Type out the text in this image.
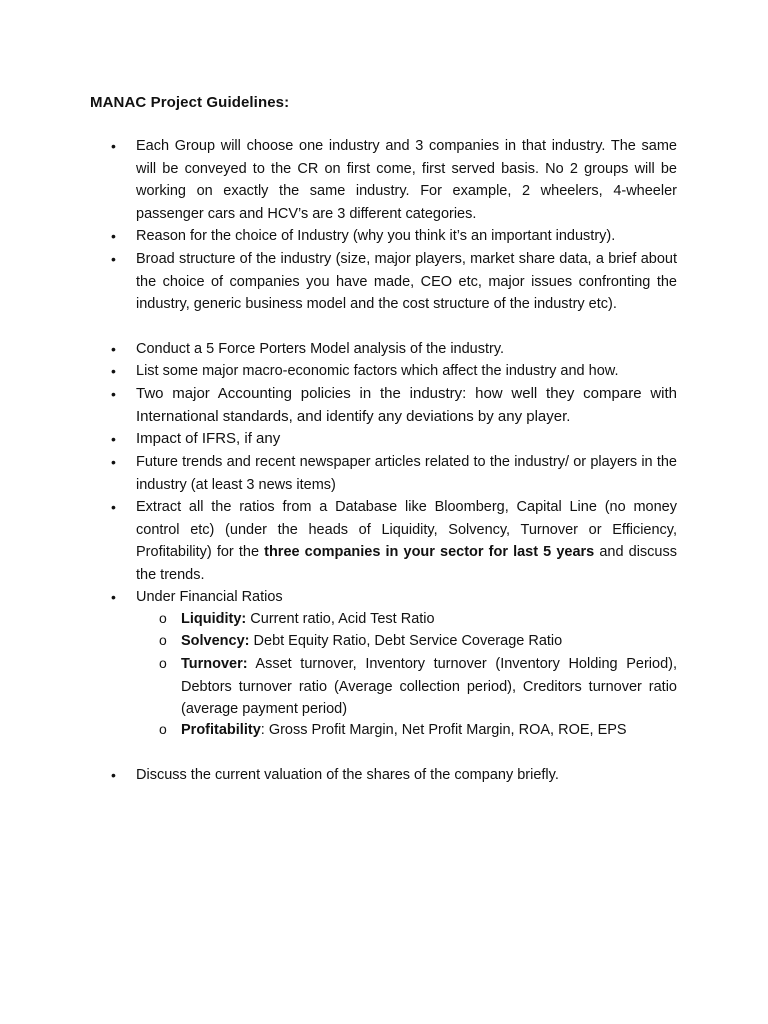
MANAC Project Guidelines:
• Each Group will choose one industry and 3 companies in that industry. The same will be conveyed to the CR on first come, first served basis. No 2 groups will be working on exactly the same industry. For example, 2 wheelers, 4-wheeler passenger cars and HCV’s are 3 different categories.
• Reason for the choice of Industry (why you think it’s an important industry).
• Broad structure of the industry (size, major players, market share data, a brief about the choice of companies you have made, CEO etc, major issues confronting the industry, generic business model and the cost structure of the industry etc).
• Conduct a 5 Force Porters Model analysis of the industry.
• List some major macro-economic factors which affect the industry and how.
• Two major Accounting policies in the industry: how well they compare with International standards, and identify any deviations by any player.
• Impact of IFRS, if any
• Future trends and recent newspaper articles related to the industry/ or players in the industry (at least 3 news items)
• Extract all the ratios from a Database like Bloomberg, Capital Line (no money control etc) (under the heads of Liquidity, Solvency, Turnover or Efficiency, Profitability) for the three companies in your sector for last 5 years and discuss the trends.
• Under Financial Ratios
o Liquidity: Current ratio, Acid Test Ratio
o Solvency: Debt Equity Ratio, Debt Service Coverage Ratio
o Turnover: Asset turnover, Inventory turnover (Inventory Holding Period), Debtors turnover ratio (Average collection period), Creditors turnover ratio (average payment period)
o Profitability: Gross Profit Margin, Net Profit Margin, ROA, ROE, EPS
• Discuss the current valuation of the shares of the company briefly.
